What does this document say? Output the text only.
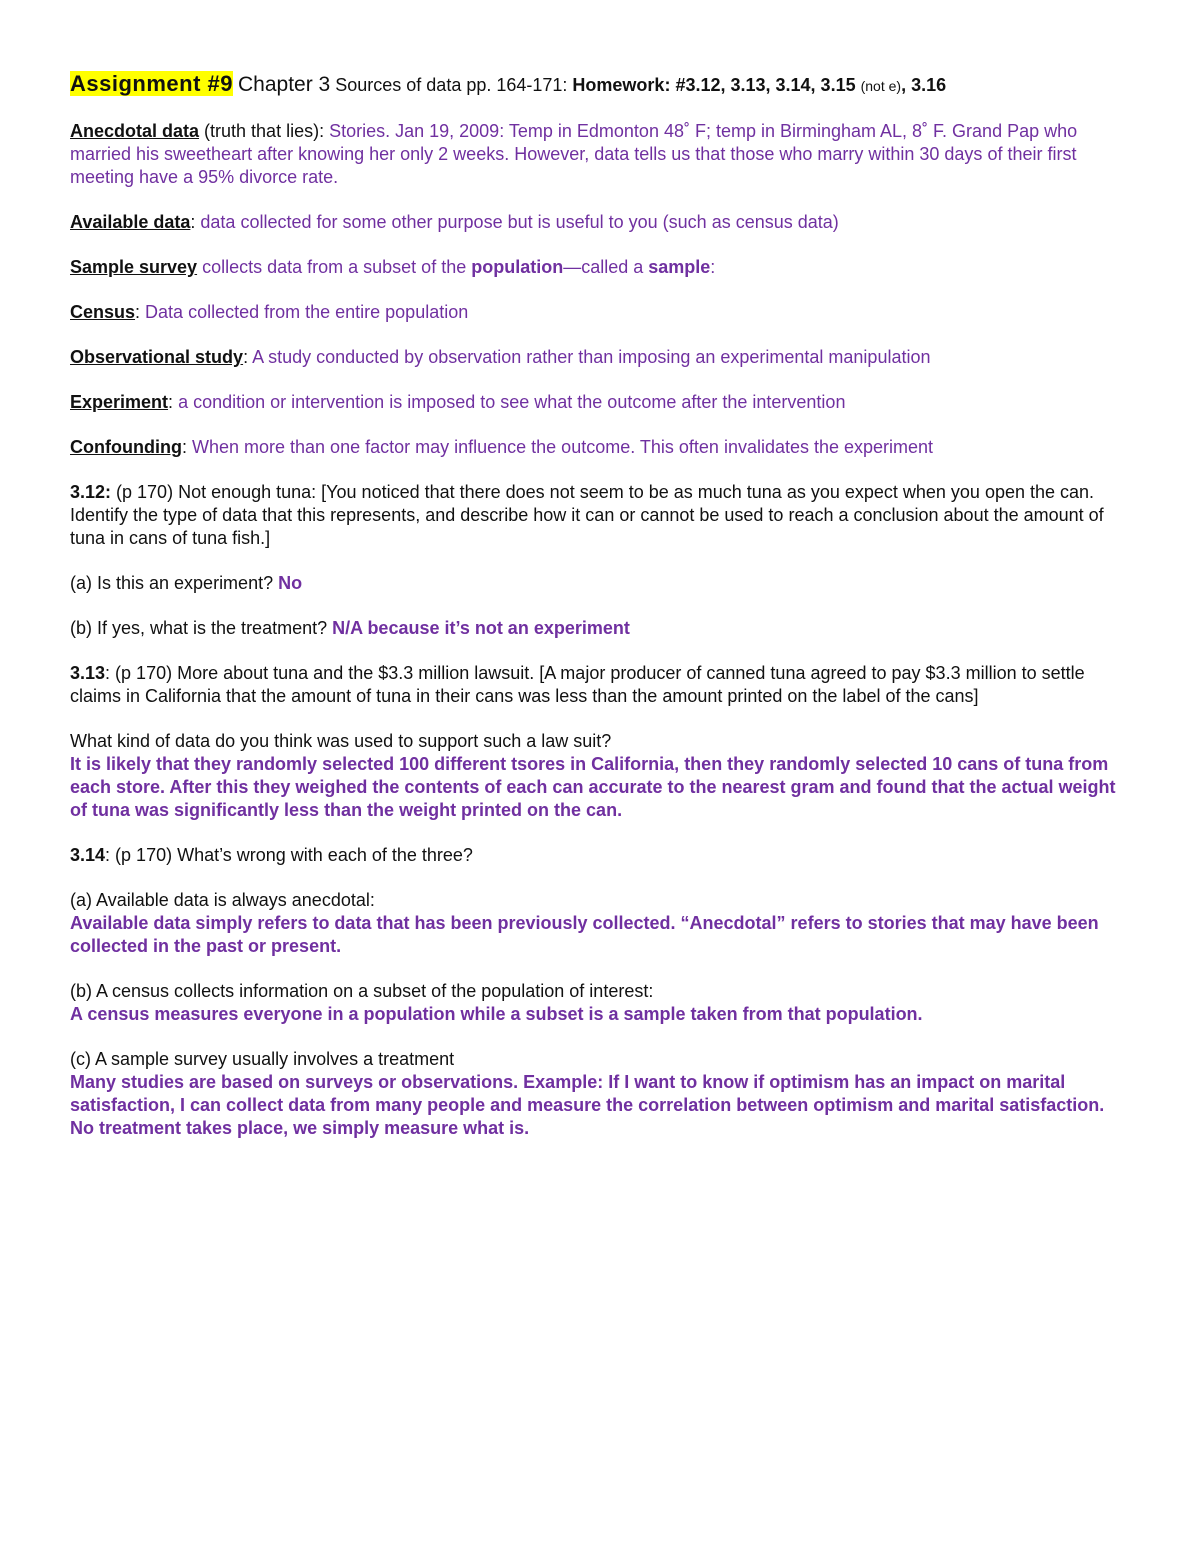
Assignment #9 Chapter 3 Sources of data pp. 164-171: Homework: #3.12, 3.13, 3.14, 3.15 (not e), 3.16

Anecdotal data (truth that lies): Stories. Jan 19, 2009: Temp in Edmonton 48˚ F; temp in Birmingham AL, 8˚ F. Grand Pap who married his sweetheart after knowing her only 2 weeks. However, data tells us that those who marry within 30 days of their first meeting have a 95% divorce rate.

Available data: data collected for some other purpose but is useful to you (such as census data)

Sample survey collects data from a subset of the population—called a sample:

Census: Data collected from the entire population

Observational study: A study conducted by observation rather than imposing an experimental manipulation

Experiment: a condition or intervention is imposed to see what the outcome after the intervention

Confounding: When more than one factor may influence the outcome. This often invalidates the experiment

3.12: (p 170) Not enough tuna: [You noticed that there does not seem to be as much tuna as you expect when you open the can. Identify the type of data that this represents, and describe how it can or cannot be used to reach a conclusion about the amount of tuna in cans of tuna fish.]

(a) Is this an experiment? No

(b) If yes, what is the treatment? N/A because it’s not an experiment

3.13: (p 170) More about tuna and the $3.3 million lawsuit. [A major producer of canned tuna agreed to pay $3.3 million to settle claims in California that the amount of tuna in their cans was less than the amount printed on the label of the cans]

What kind of data do you think was used to support such a law suit?

It is likely that they randomly selected 100 different tsores in California, then they randomly selected 10 cans of tuna from each store. After this they weighed the contents of each can accurate to the nearest gram and found that the actual weight of tuna was significantly less than the weight printed on the can.

3.14: (p 170) What’s wrong with each of the three?

(a) Available data is always anecdotal:

Available data simply refers to data that has been previously collected. “Anecdotal” refers to stories that may have been collected in the past or present.

(b) A census collects information on a subset of the population of interest:

A census measures everyone in a population while a subset is a sample taken from that population.

(c) A sample survey usually involves a treatment

Many studies are based on surveys or observations. Example: If I want to know if optimism has an impact on marital satisfaction, I can collect data from many people and measure the correlation between optimism and marital satisfaction. No treatment takes place, we simply measure what is.
